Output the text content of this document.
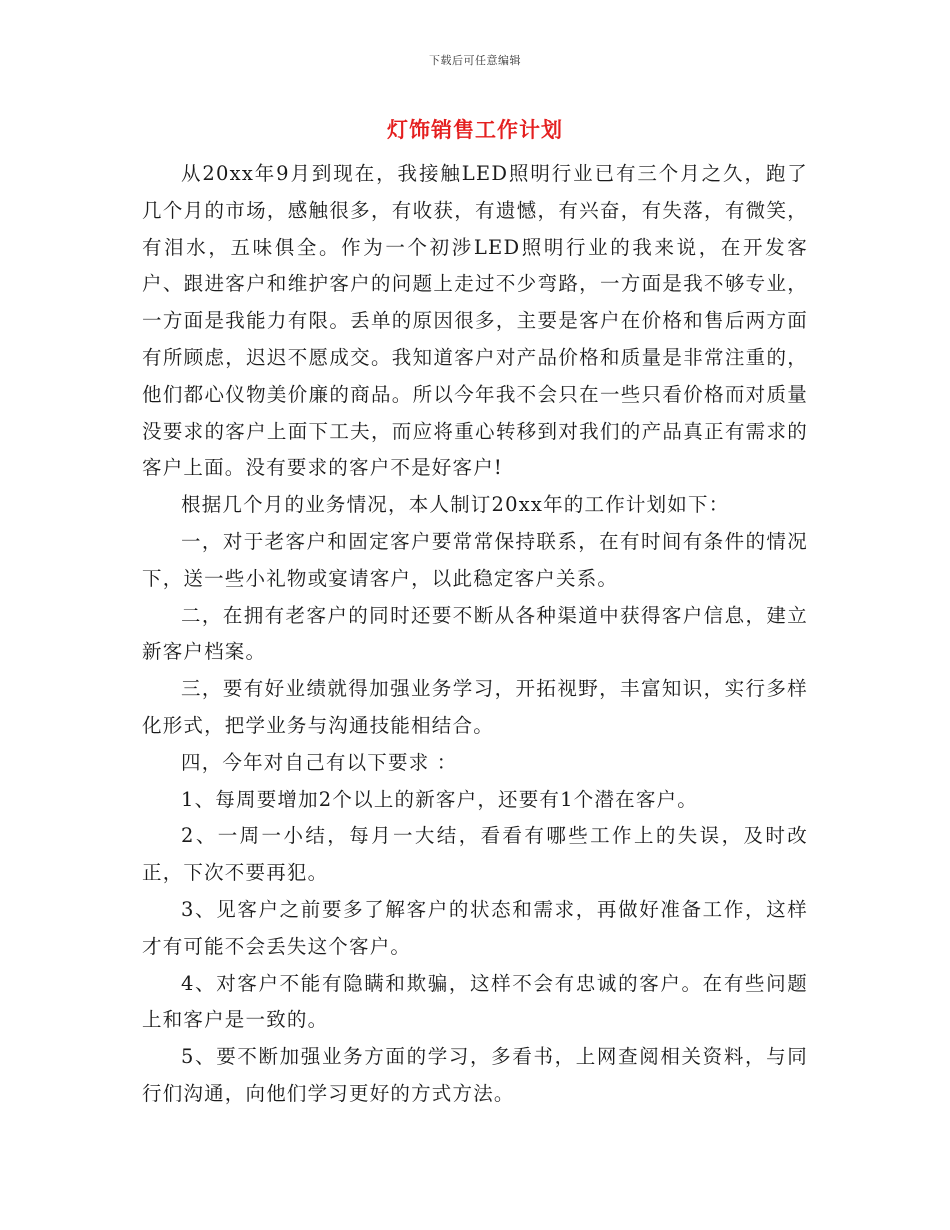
下载后可任意编辑
灯饰销售工作计划

从20xx年9月到现在，我接触LED照明行业已有三个月之久，跑了几个月的市场，感触很多，有收获，有遗憾，有兴奋，有失落，有微笑，有泪水，五味俱全。作为一个初涉LED照明行业的我来说，在开发客户、跟进客户和维护客户的问题上走过不少弯路，一方面是我不够专业，一方面是我能力有限。丢单的原因很多，主要是客户在价格和售后两方面有所顾虑，迟迟不愿成交。我知道客户对产品价格和质量是非常注重的，他们都心仪物美价廉的商品。所以今年我不会只在一些只看价格而对质量没要求的客户上面下工夫，而应将重心转移到对我们的产品真正有需求的客户上面。没有要求的客户不是好客户!

根据几个月的业务情况，本人制订20xx年的工作计划如下：

一，对于老客户和固定客户要常常保持联系，在有时间有条件的情况下，送一些小礼物或宴请客户，以此稳定客户关系。

二，在拥有老客户的同时还要不断从各种渠道中获得客户信息，建立新客户档案。

三，要有好业绩就得加强业务学习，开拓视野，丰富知识，实行多样化形式，把学业务与沟通技能相结合。

四，今年对自己有以下要求 ：

1、每周要增加2个以上的新客户，还要有1个潜在客户。

2、一周一小结，每月一大结，看看有哪些工作上的失误，及时改正，下次不要再犯。

3、见客户之前要多了解客户的状态和需求，再做好准备工作，这样才有可能不会丢失这个客户。

4、对客户不能有隐瞒和欺骗，这样不会有忠诚的客户。在有些问题上和客户是一致的。

5、要不断加强业务方面的学习，多看书，上网查阅相关资料，与同行们沟通，向他们学习更好的方式方法。
